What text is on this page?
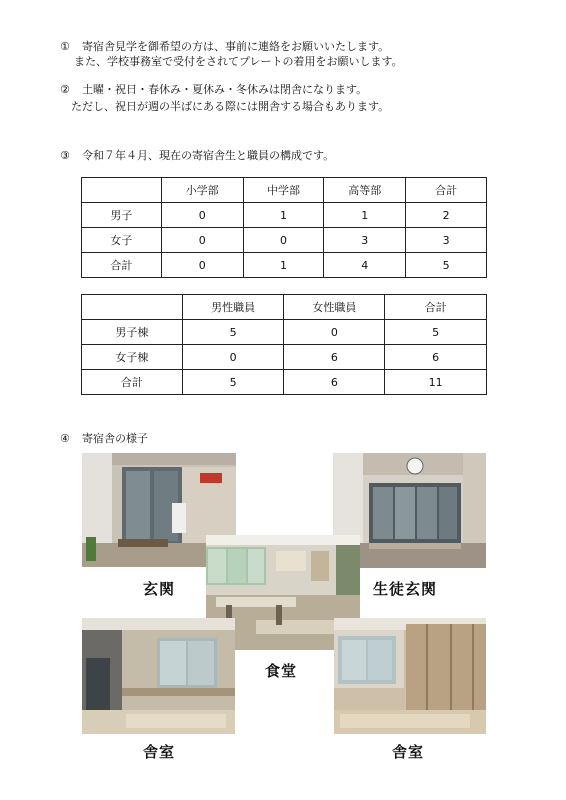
① 寄宿舎見学を御希望の方は、事前に連絡をお願いいたします。
また、学校事務室で受付をされてプレートの着用をお願いします。
② 土曜・祝日・春休み・夏休み・冬休みは閉舎になります。
ただし、祝日が週の半ばにある際には開舎する場合もあります。
③ 令和７年４月、現在の寄宿舎生と職員の構成です。
	小学部	中学部	高等部	合計
男子	0	1	1	2
女子	0	0	3	3
合計	0	1	4	5
	男性職員	女性職員	合計
男子棟	5	0	5
女子棟	0	6	6
合計	5	6	11
④ 寄宿舎の様子
玄関	生徒玄関
食堂
舎室	舎室
